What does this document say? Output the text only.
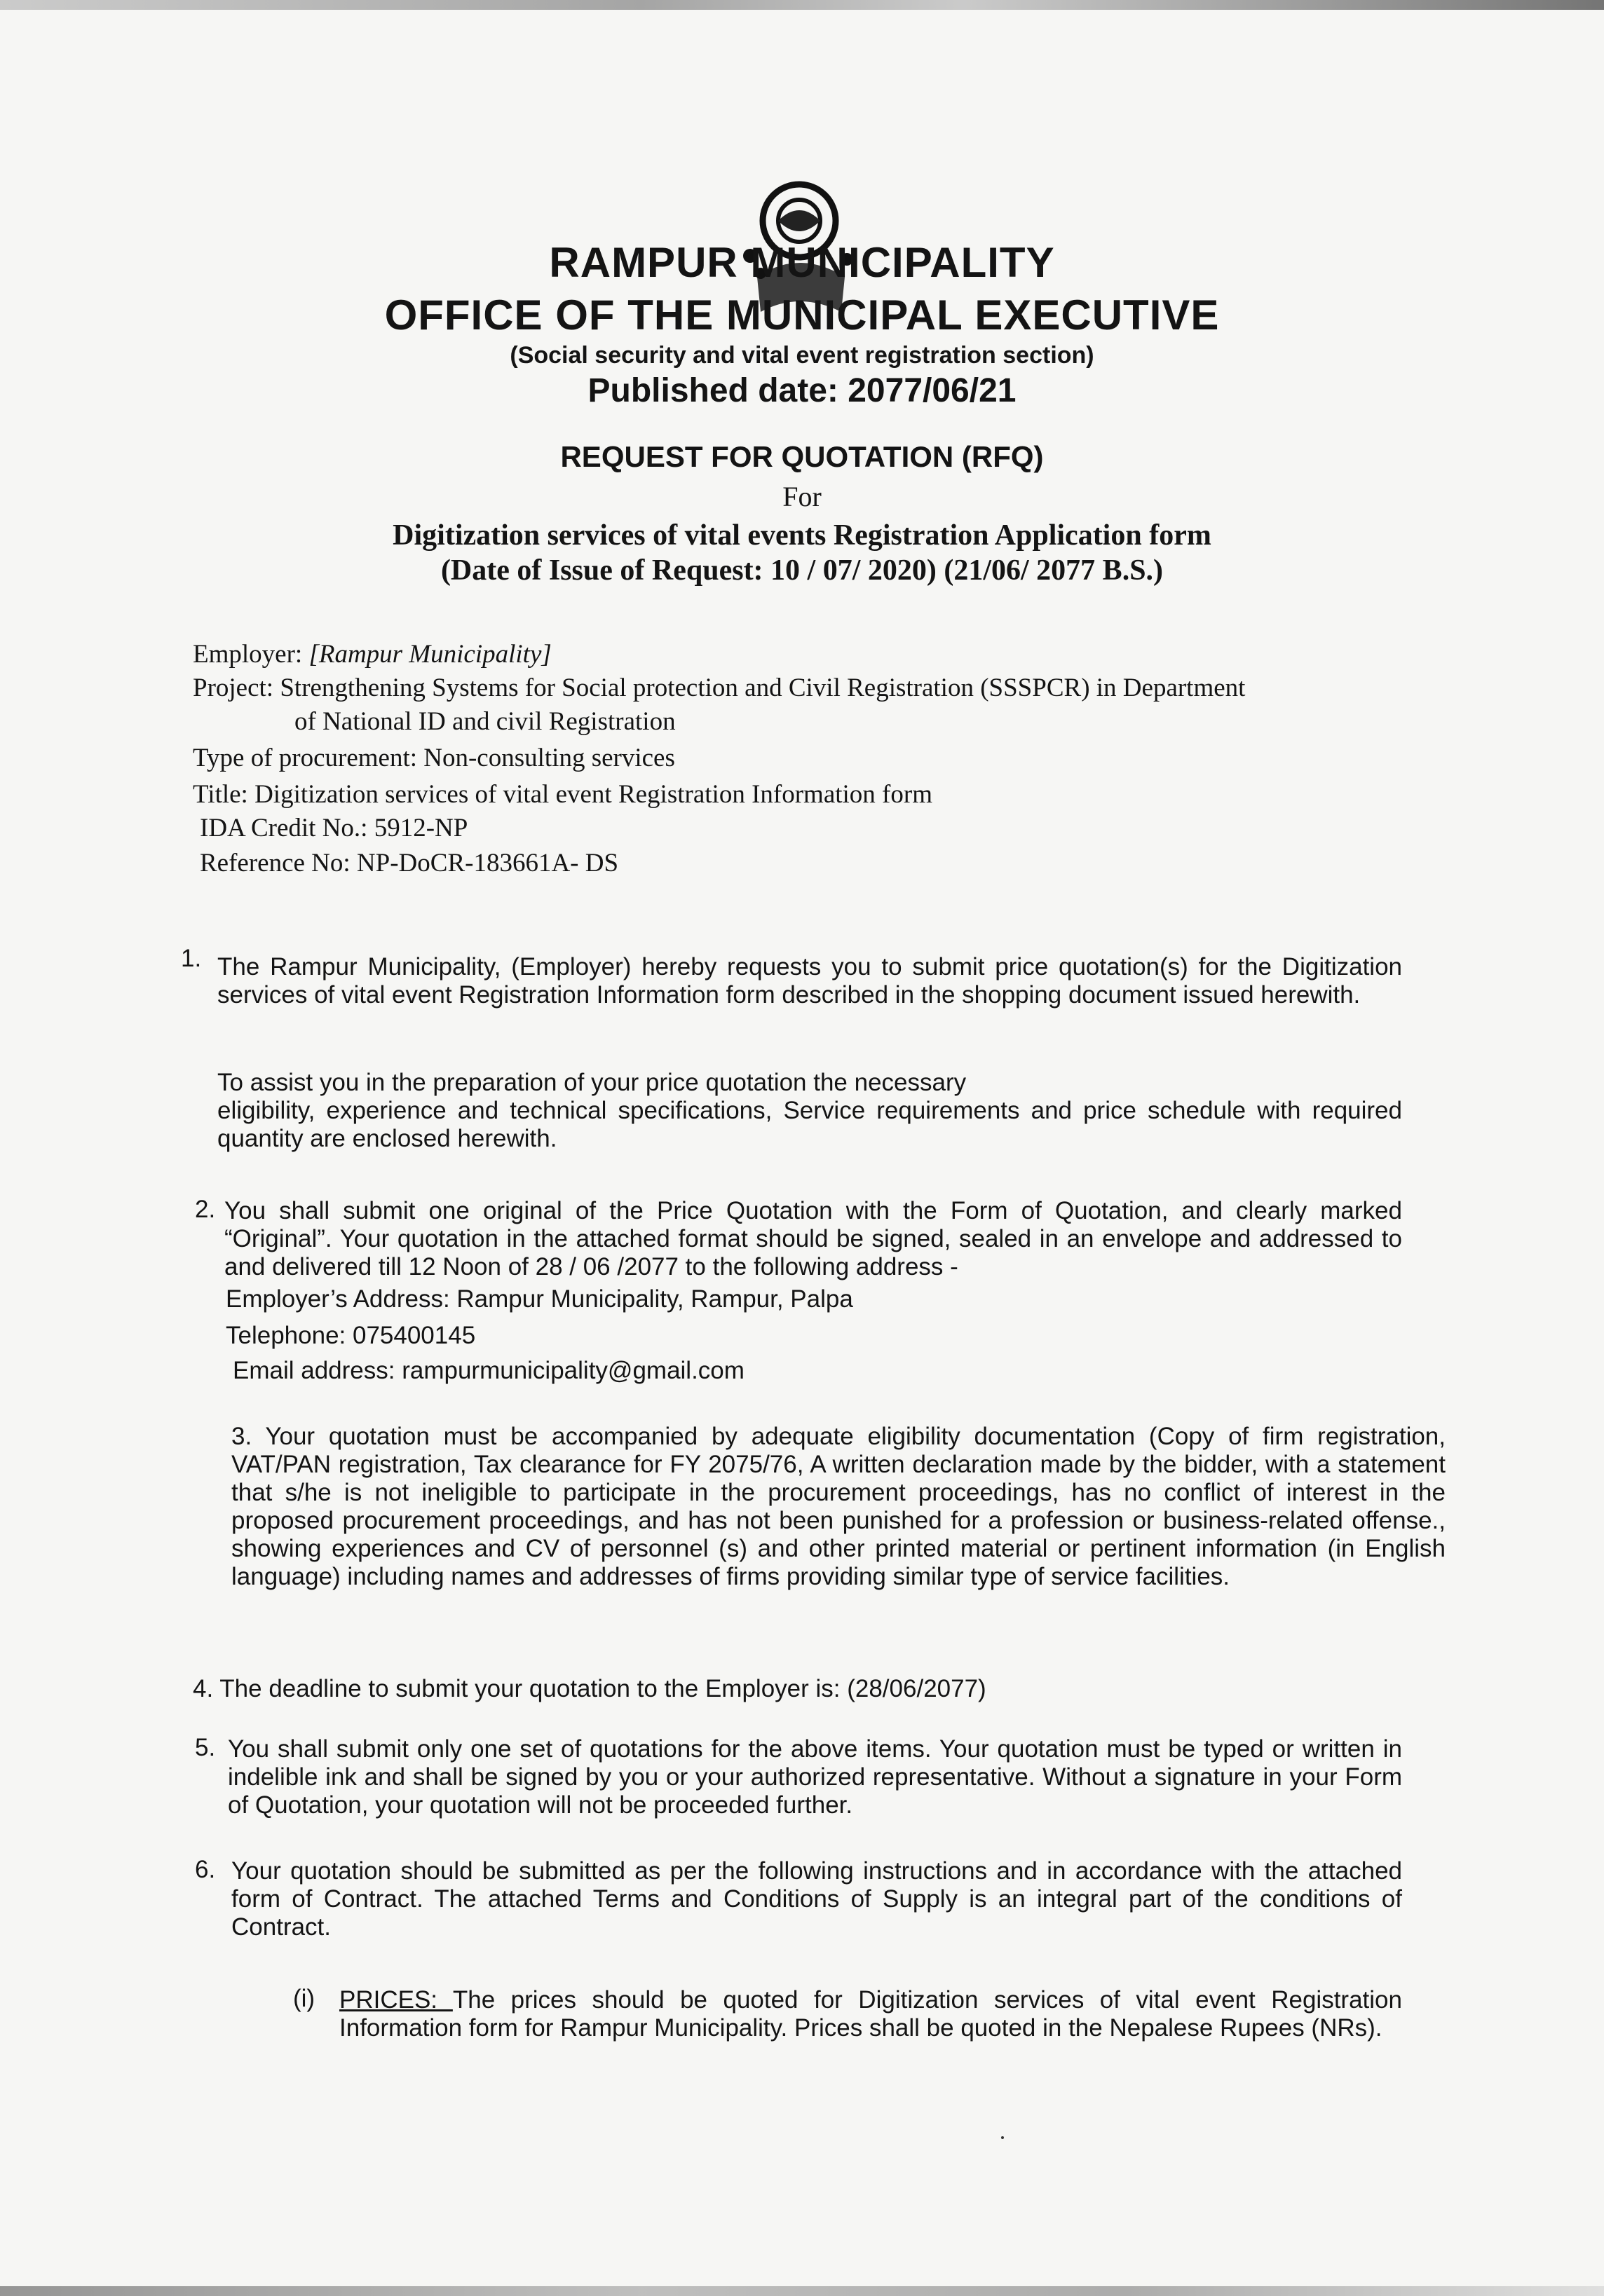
RAMPUR MUNICIPALITY
OFFICE OF THE MUNICIPAL EXECUTIVE
(Social security and vital event registration section)
Published date: 2077/06/21
REQUEST FOR QUOTATION (RFQ)
For
Digitization services of vital events Registration Application form
(Date of Issue of Request: 10 / 07/ 2020) (21/06/ 2077 B.S.)
Employer: [Rampur Municipality]
Project: Strengthening Systems for Social protection and Civil Registration (SSSPCR) in Department
of National ID and civil Registration
Type of procurement: Non-consulting services
Title: Digitization services of vital event Registration Information form
IDA Credit No.: 5912-NP
Reference No: NP-DoCR-183661A- DS
1. The Rampur Municipality, (Employer) hereby requests you to submit price quotation(s) for the Digitization services of vital event Registration Information form described in the shopping document issued herewith.
To assist you in the preparation of your price quotation the necessary
eligibility, experience and technical specifications, Service requirements and price schedule with required quantity are enclosed herewith.
2. You shall submit one original of the Price Quotation with the Form of Quotation, and clearly marked “Original”. Your quotation in the attached format should be signed, sealed in an envelope and addressed to and delivered till 12 Noon of 28 / 06 /2077 to the following address -
Employer’s Address: Rampur Municipality, Rampur, Palpa
Telephone: 075400145
Email address: rampurmunicipality@gmail.com
3. Your quotation must be accompanied by adequate eligibility documentation (Copy of firm registration, VAT/PAN registration, Tax clearance for FY 2075/76, A written declaration made by the bidder, with a statement that s/he is not ineligible to participate in the procurement proceedings, has no conflict of interest in the proposed procurement proceedings, and has not been punished for a profession or business-related offense., showing experiences and CV of personnel (s) and other printed material or pertinent information (in English language) including names and addresses of firms providing similar type of service facilities.
4. The deadline to submit your quotation to the Employer is: (28/06/2077)
5. You shall submit only one set of quotations for the above items. Your quotation must be typed or written in indelible ink and shall be signed by you or your authorized representative. Without a signature in your Form of Quotation, your quotation will not be proceeded further.
6. Your quotation should be submitted as per the following instructions and in accordance with the attached form of Contract. The attached Terms and Conditions of Supply is an integral part of the conditions of Contract.
(i) PRICES: The prices should be quoted for Digitization services of vital event Registration Information form for Rampur Municipality. Prices shall be quoted in the Nepalese Rupees (NRs).
